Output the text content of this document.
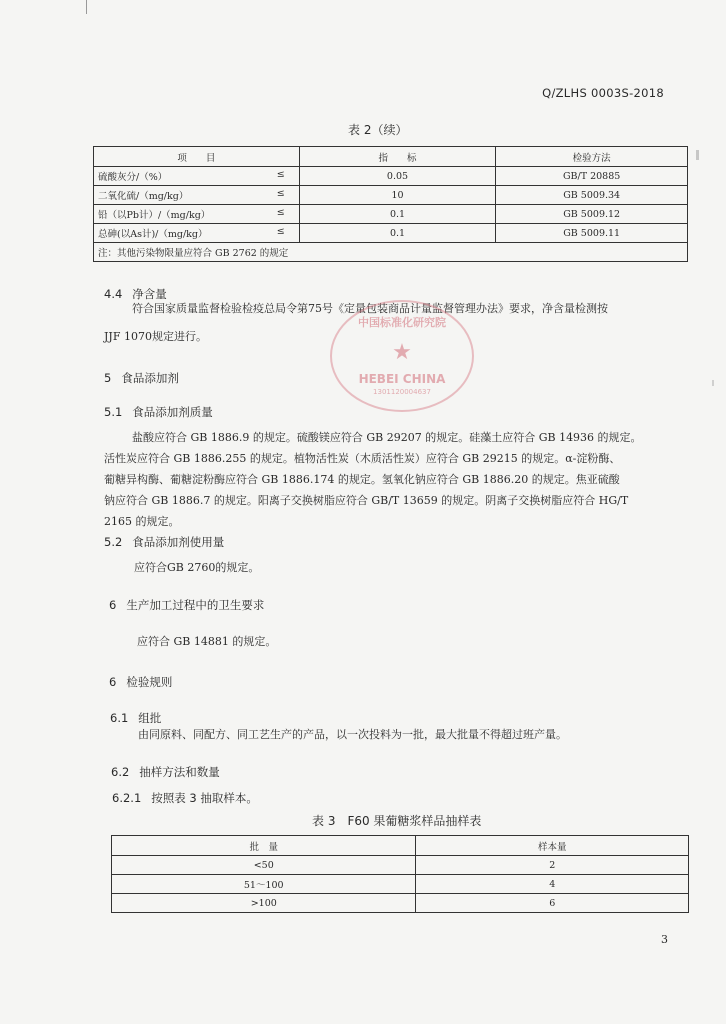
Q/ZLHS 0003S-2018
表 2（续）
项　　目	指　　标	检验方法
硫酸灰分/（%） ≤	0.05	GB/T 20885
二氧化硫/（mg/kg） ≤	10	GB 5009.34
铅（以Pb计）/（mg/kg） ≤	0.1	GB 5009.12
总砷(以As计)/（mg/kg） ≤	0.1	GB 5009.11
注：其他污染物限量应符合 GB 2762 的规定		
4.4 净含量
符合国家质量监督检验检疫总局令第75号《定量包装商品计量监督管理办法》要求，净含量检测按
JJF 1070规定进行。
中国标准化研究院
★
HEBEI CHINA
1301120004637
5 食品添加剂
5.1 食品添加剂质量
盐酸应符合 GB 1886.9 的规定。硫酸镁应符合 GB 29207 的规定。硅藻土应符合 GB 14936 的规定。
活性炭应符合 GB 1886.255 的规定。植物活性炭（木质活性炭）应符合 GB 29215 的规定。α-淀粉酶、
葡糖异构酶、葡糖淀粉酶应符合 GB 1886.174 的规定。氢氧化钠应符合 GB 1886.20 的规定。焦亚硫酸
钠应符合 GB 1886.7 的规定。阳离子交换树脂应符合 GB/T 13659 的规定。阴离子交换树脂应符合 HG/T
2165 的规定。
5.2 食品添加剂使用量
应符合GB 2760的规定。
6 生产加工过程中的卫生要求
应符合 GB 14881 的规定。
6 检验规则
6.1 组批
由同原料、同配方、同工艺生产的产品，以一次投料为一批，最大批量不得超过班产量。
6.2 抽样方法和数量
6.2.1 按照表 3 抽取样本。
表 3　F60 果葡糖浆样品抽样表
批　量	样本量
<50	2
51～100	4
>100	6
3
